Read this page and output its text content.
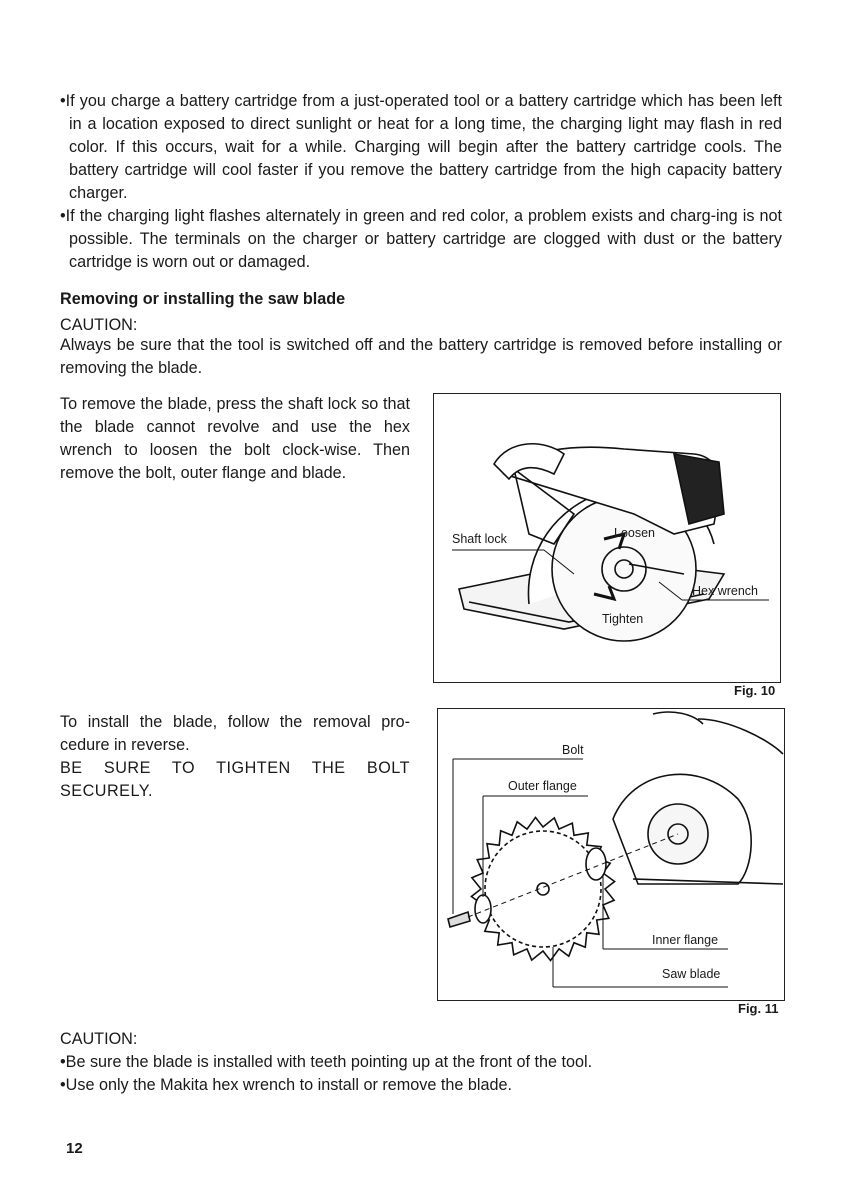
•If you charge a battery cartridge from a just-operated tool or a battery cartridge which has been left in a location exposed to direct sunlight or heat for a long time, the charging light may flash in red color. If this occurs, wait for a while. Charging will begin after the battery cartridge cools. The battery cartridge will cool faster if you remove the battery cartridge from the high capacity battery charger.
•If the charging light flashes alternately in green and red color, a problem exists and charg-ing is not possible. The terminals on the charger or battery cartridge are clogged with dust or the battery cartridge is worn out or damaged.
Removing or installing the saw blade
CAUTION:
Always be sure that the tool is switched off and the battery cartridge is removed before installing or removing the blade.
To remove the blade, press the shaft lock so that the blade cannot revolve and use the hex wrench to loosen the bolt clock-wise. Then remove the bolt, outer flange and blade.
Shaft lock	Loosen
Hex wrench
Tighten
Fig. 10
To install the blade, follow the removal pro-cedure in reverse.
BE SURE TO TIGHTEN THE BOLT SECURELY.
Bolt
Outer flange
Inner flange
Saw blade
Fig. 11
CAUTION:
•Be sure the blade is installed with teeth pointing up at the front of the tool.
•Use only the Makita hex wrench to install or remove the blade.
12
